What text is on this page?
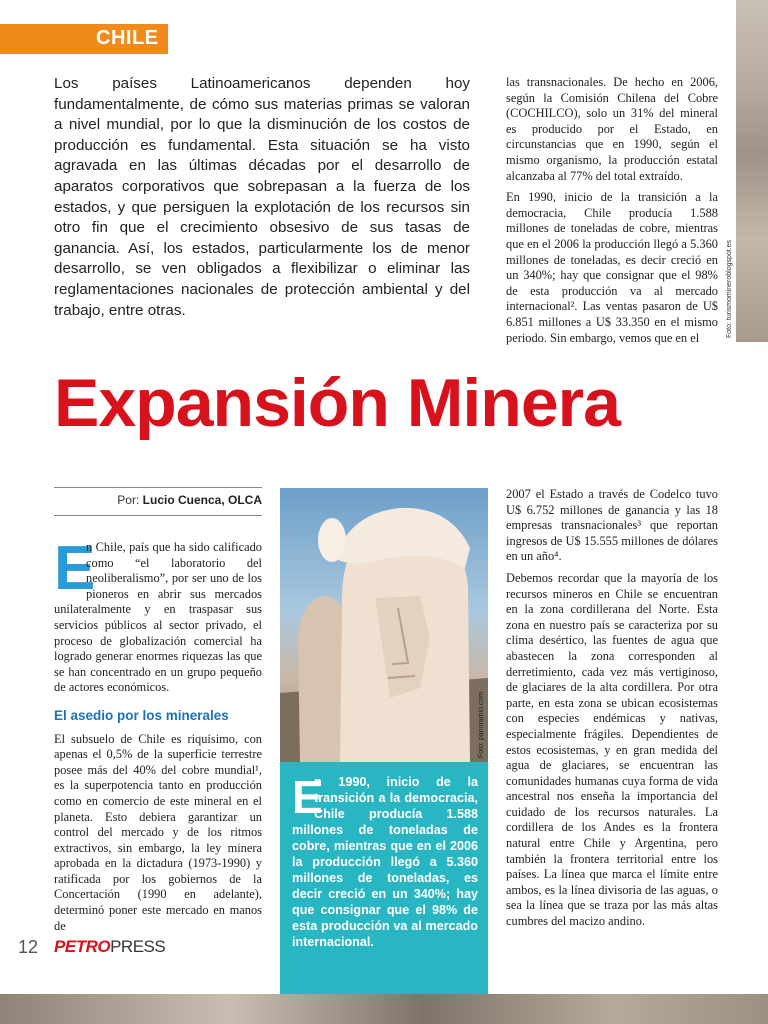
CHILE

Los países Latinoamericanos dependen hoy fundamentalmente, de cómo sus materias primas se valoran a nivel mundial, por lo que la disminución de los costos de producción es fundamental. Esta situación se ha visto agravada en las últimas décadas por el desarrollo de aparatos corporativos que sobrepasan a la fuerza de los estados, y que persiguen la explotación de los recursos sin otro fin que el crecimiento obsesivo de sus tasas de ganancia. Así, los estados, particularmente los de menor desarrollo, se ven obligados a flexibilizar o eliminar las reglamentaciones nacionales de protección ambiental y del trabajo, entre otras.

las transnacionales. De hecho en 2006, según la Comisión Chilena del Cobre (COCHILCO), solo un 31% del mineral es producido por el Estado, en circunstancias que en 1990, según el mismo organismo, la producción estatal alcanzaba al 77% del total extraído.

En 1990, inicio de la transición a la democracia, Chile producía 1.588 millones de toneladas de cobre, mientras que en el 2006 la producción llegó a 5.360 millones de toneladas, es decir creció en un 340%; hay que consignar que el 98% de esta producción va al mercado internacional². Las ventas pasaron de U$ 6.851 millones a U$ 33.350 en el mismo periodo. Sin embargo, vemos que en el	Foto: turismomineroblogspot.es
Expansión Minera
Por: Lucio Cuenca, OLCA

E
n Chile, país que ha sido calificado como “el laboratorio del neoliberalismo”, por ser uno de los pioneros en abrir sus mercados unilateralmente y en traspasar sus servicios públicos al sector privado, el proceso de globalización comercial ha logrado generar enormes riquezas las que se han concentrado en un grupo pequeño de actores económicos.

El asedio por los minerales

El subsuelo de Chile es riquísimo, con apenas el 0,5% de la superficie terrestre posee más del 40% del cobre mundial¹, es la superpotencia tanto en producción como en comercio de este mineral en el planeta. Esto debiera garantizar un control del mercado y de los ritmos extractivos, sin embargo, la ley minera aprobada en la dictadura (1973-1990) y ratificada por los gobiernos de la Concertación (1990 en adelante), determinó poner este mercado en manos de

Foto: panoramio.com

E
n 1990, inicio de la transición a la democracia, Chile producía 1.588 millones de toneladas de cobre, mientras que en el 2006 la producción llegó a 5.360 millones de toneladas, es decir creció en un 340%; hay que consignar que el 98% de esta producción va al mercado internacional.

2007 el Estado a través de Codelco tuvo U$ 6.752 millones de ganancia y las 18 empresas transnacionales³ que reportan ingresos de U$ 15.555 millones de dólares en un año⁴.

Debemos recordar que la mayoría de los recursos mineros en Chile se encuentran en la zona cordillerana del Norte. Esta zona en nuestro país se caracteriza por su clima desértico, las fuentes de agua que abastecen la zona corresponden al derretimiento, cada vez más vertiginoso, de glaciares de la alta cordillera. Por otra parte, en esta zona se ubican ecosistemas con especies endémicas y nativas, especialmente frágiles. Dependientes de estos ecosistemas, y en gran medida del agua de glaciares, se encuentran las comunidades humanas cuya forma de vida ancestral nos enseña la importancia del cuidado de los recursos naturales. La cordillera de los Andes es la frontera natural entre Chile y Argentina, pero también la frontera territorial entre los países. La línea que marca el límite entre ambos, es la línea divisoria de las aguas, o sea la línea que se traza por las más altas cumbres del macizo andino.

12 PETROPRESS
